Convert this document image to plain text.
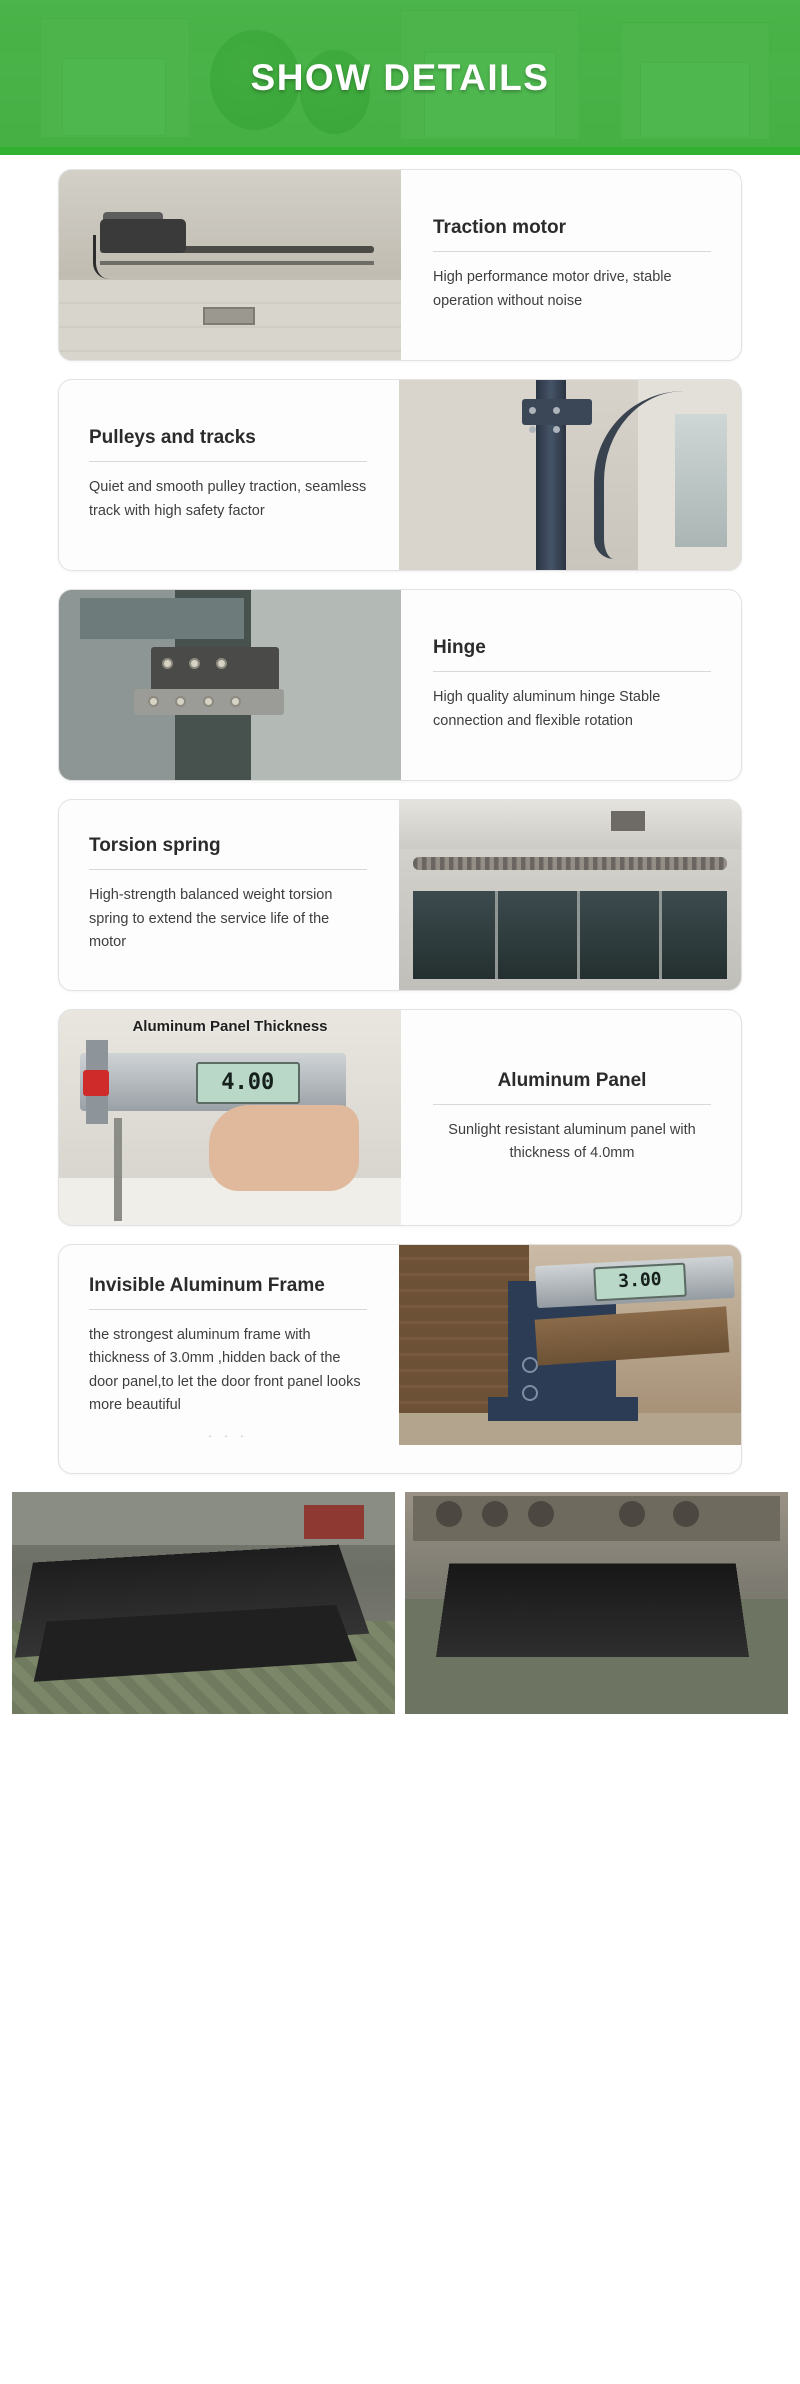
SHOW DETAILS
Traction motor
High performance motor drive, stable operation without noise
Pulleys and tracks
Quiet and smooth pulley traction, seamless track with high safety factor
Hinge
High quality aluminum hinge Stable connection and flexible rotation
Torsion spring
High-strength balanced weight torsion spring to extend the service life of the motor
4.00
Aluminum Panel Thickness
Aluminum Panel
Sunlight resistant aluminum panel with thickness of 4.0mm
3.00
Invisible Aluminum Frame
the strongest aluminum frame with thickness of 3.0mm ,hidden back of the door panel,to let the door front panel looks more beautiful
· · ·
